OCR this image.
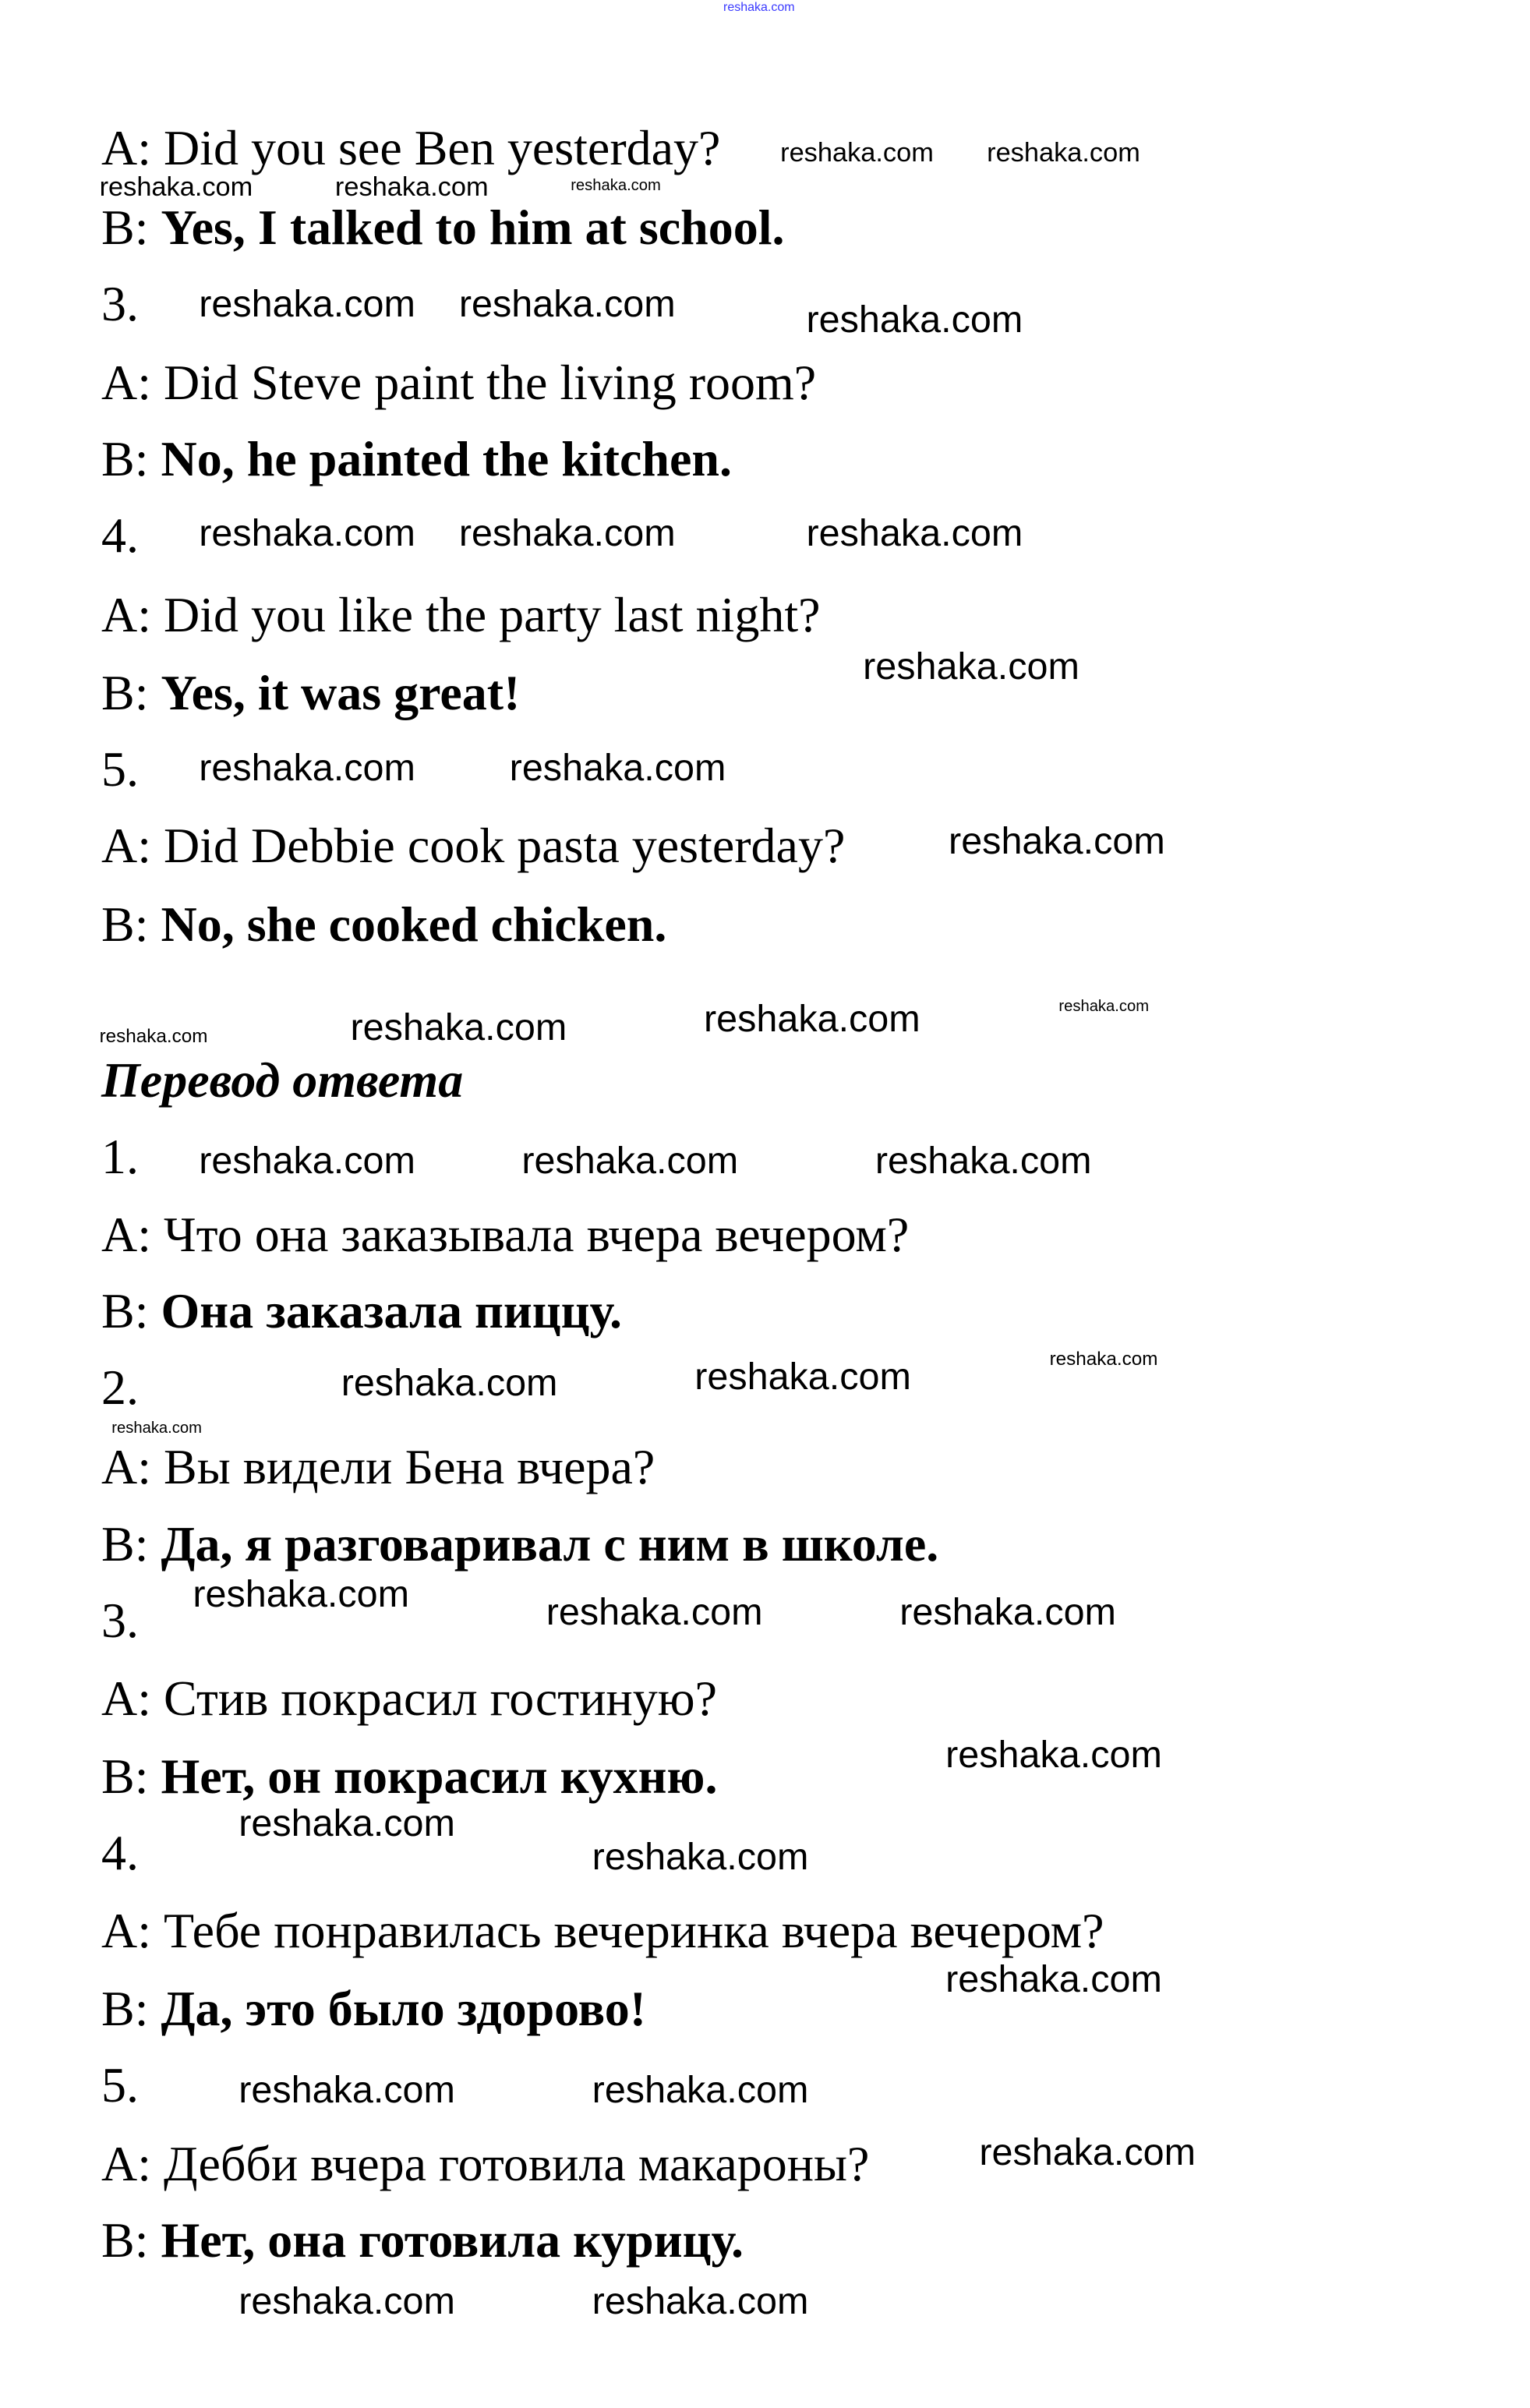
reshaka.com
A: Did you see Ben yesterday?
B: Yes, I talked to him at school.
3.
A: Did Steve paint the living room?
B: No, he painted the kitchen.
4.
A: Did you like the party last night?
B: Yes, it was great!
5.
A: Did Debbie cook pasta yesterday?
B: No, she cooked chicken.
Перевод ответа
1.
A: Что она заказывала вчера вечером?
B: Она заказала пиццу.
2.
A: Вы видели Бена вчера?
B: Да, я разговаривал с ним в школе.
3.
A: Стив покрасил гостиную?
B: Нет, он покрасил кухню.
4.
A: Тебе понравилась вечеринка вчера вечером?
B: Да, это было здорово!
5.
A: Дебби вчера готовила макароны?
B: Нет, она готовила курицу.
reshaka.com reshaka.com
reshaka.com	reshaka.com	reshaka.com
reshaka.com
reshaka.com reshaka.com
reshaka.com
reshaka.com reshaka.com
reshaka.com
reshaka.com reshaka.com
reshaka.com
reshaka.com	reshaka.com	reshaka.com	reshaka.com
reshaka.com	reshaka.com	reshaka.com
reshaka.com	reshaka.com	reshaka.com
reshaka.com
reshaka.com	reshaka.com	reshaka.com
reshaka.com
reshaka.com
reshaka.com
reshaka.com
reshaka.com	reshaka.com
reshaka.com
reshaka.com	reshaka.com
